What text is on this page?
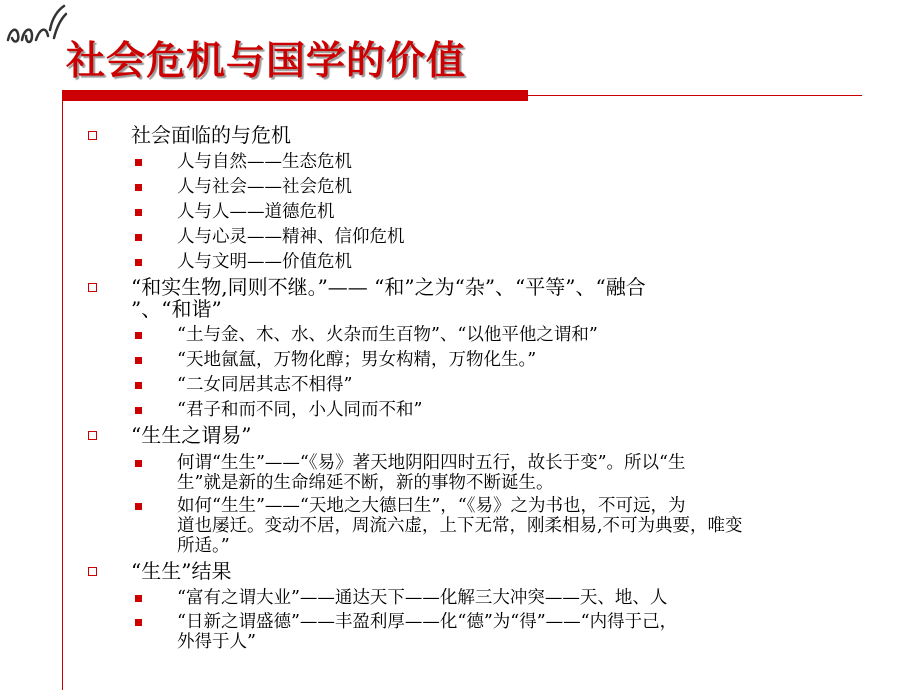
社会危机与国学的价值
社会面临的与危机
人与自然——生态危机
人与社会——社会危机
人与人——道德危机
人与心灵——精神、信仰危机
人与文明——价值危机
“和实生物,同则不继。”—— “和”之为“杂”、“平等”、“融合
”、“和谐”
“土与金、木、水、火杂而生百物”、“以他平他之谓和”
“天地氤氲，万物化醇；男女构精，万物化生。”
“二女同居其志不相得”
“君子和而不同，小人同而不和”
“生生之谓易”
何谓“生生”——“《易》著天地阴阳四时五行，故长于变”。所以“生
生”就是新的生命绵延不断，新的事物不断诞生。
如何“生生”——“天地之大德曰生”，“《易》之为书也，不可远，为
道也屡迁。变动不居，周流六虚，上下无常，刚柔相易,不可为典要，唯变
所适。”
“生生”结果
“富有之谓大业”——通达天下——化解三大冲突——天、地、人
“日新之谓盛德”——丰盈利厚——化“德”为“得”——“内得于己，
外得于人”
